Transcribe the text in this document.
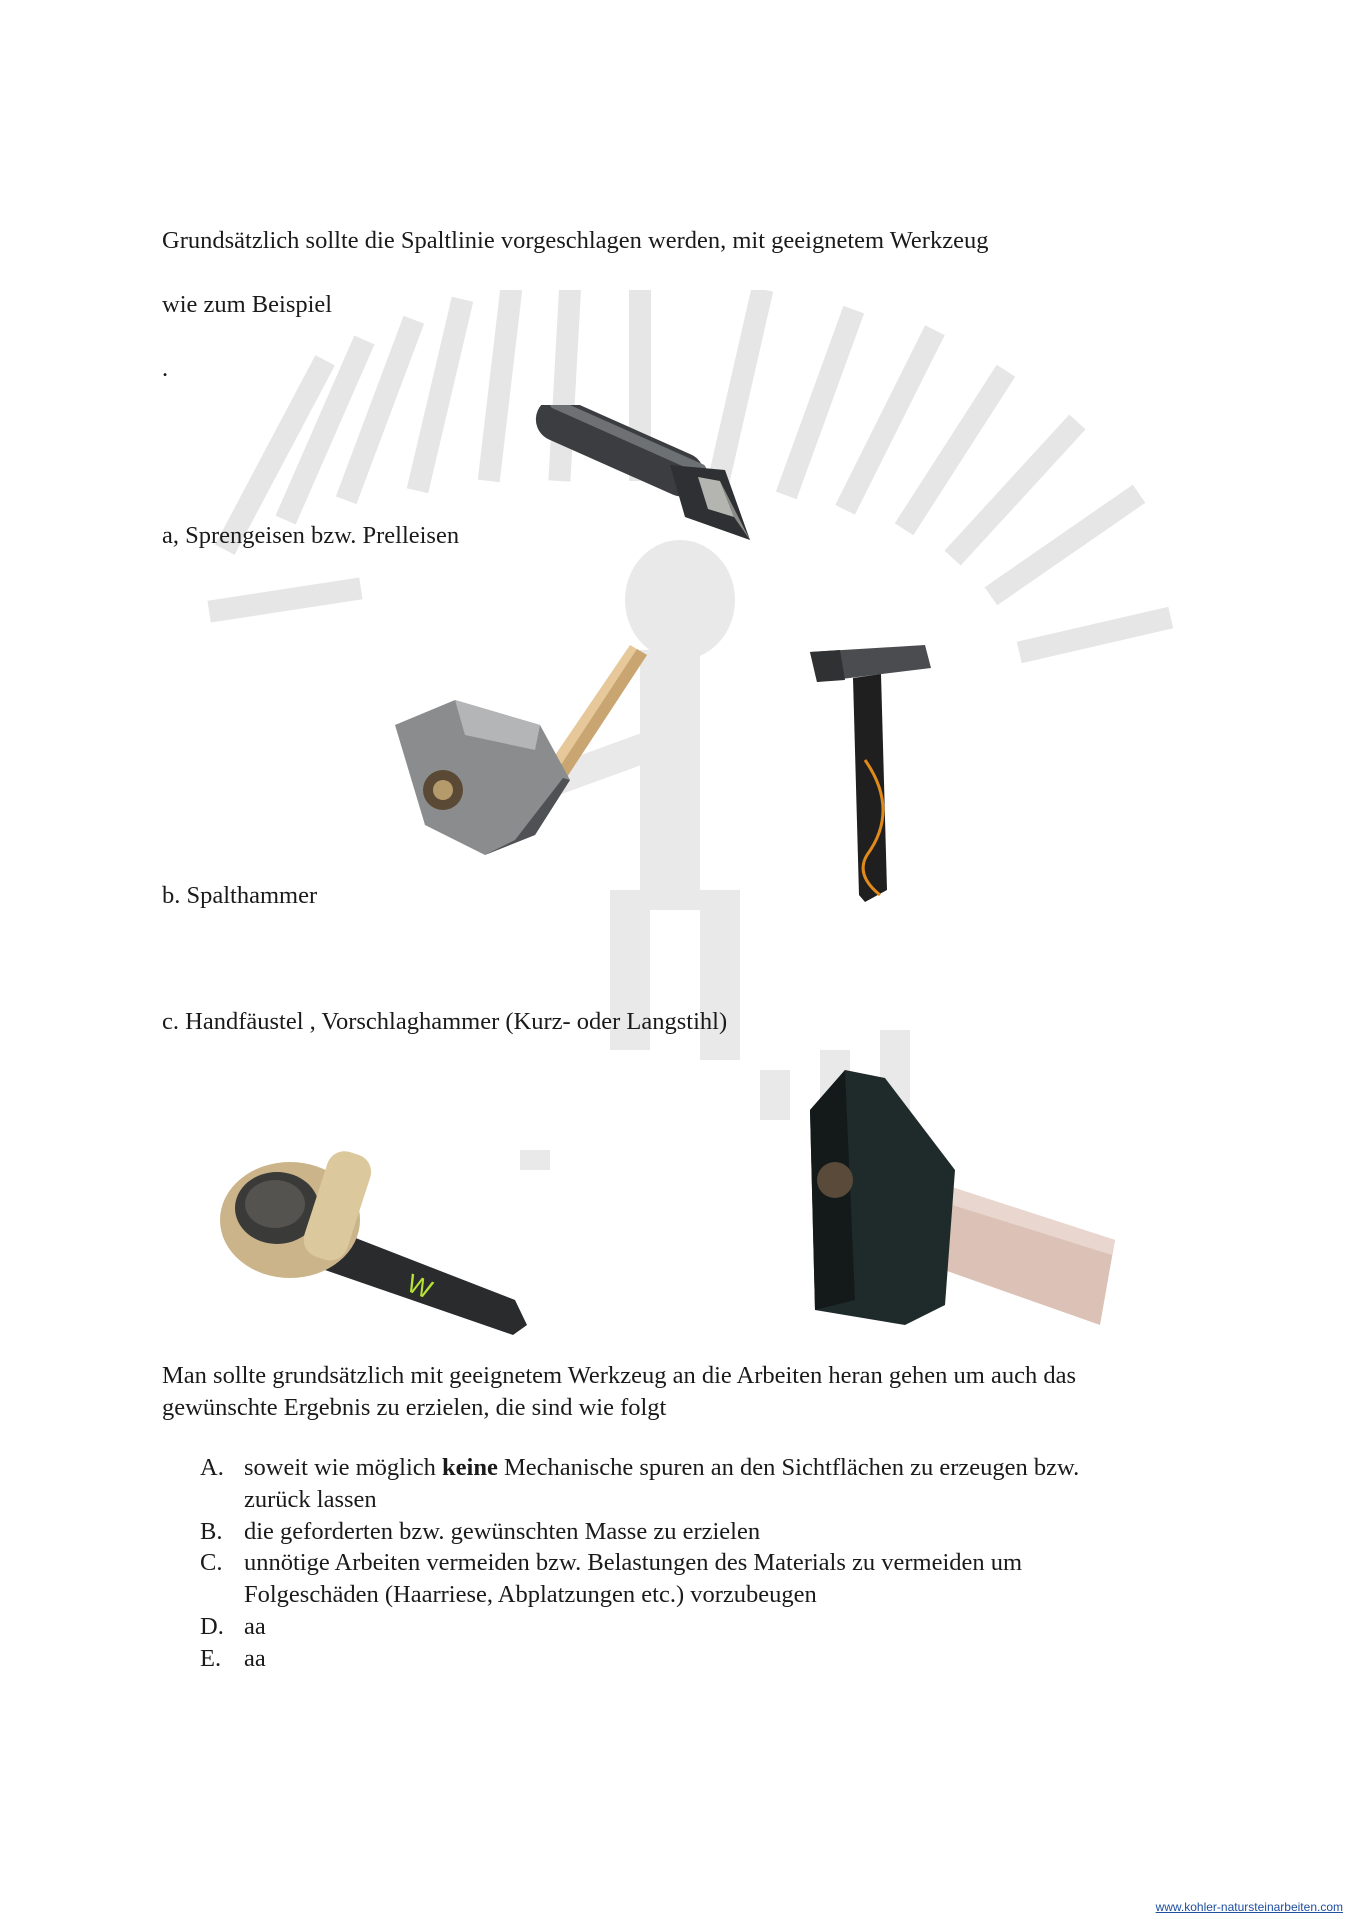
Grundsätzlich sollte die Spaltlinie vorgeschlagen werden, mit geeignetem Werkzeug
wie zum Beispiel
.
a, Sprengeisen bzw. Prelleisen
b. Spalthammer
c. Handfäustel , Vorschlaghammer (Kurz- oder Langstihl)
W
Man sollte grundsätzlich mit geeignetem Werkzeug an die Arbeiten heran gehen um auch das
gewünschte Ergebnis zu erzielen, die sind wie folgt
A. soweit wie möglich keine Mechanische spuren an den Sichtflächen zu erzeugen bzw.
zurück lassen
B. die geforderten bzw. gewünschten Masse zu erzielen
C. unnötige Arbeiten vermeiden bzw. Belastungen des Materials zu vermeiden um
Folgeschäden (Haarriese, Abplatzungen etc.) vorzubeugen
D. aa
E. aa
www.kohler-natursteinarbeiten.com
